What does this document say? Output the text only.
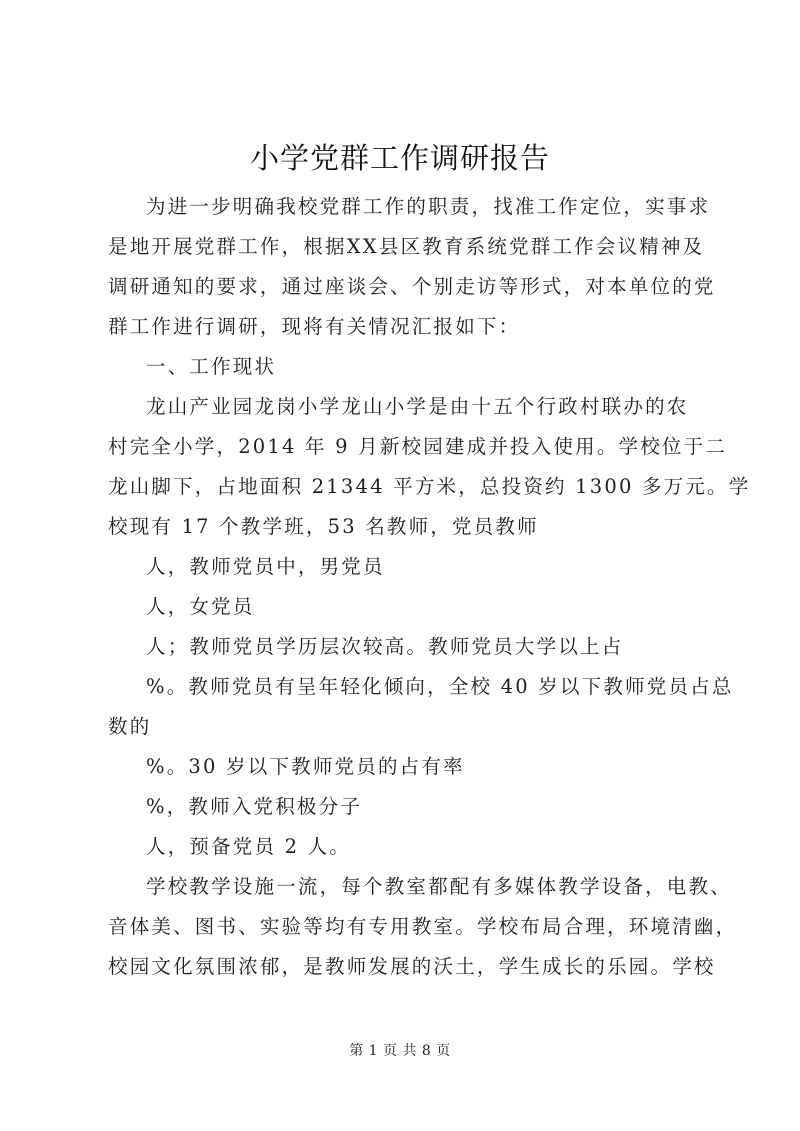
小学党群工作调研报告
为进一步明确我校党群工作的职责，找准工作定位，实事求
是地开展党群工作，根据XX县区教育系统党群工作会议精神及
调研通知的要求，通过座谈会、个别走访等形式，对本单位的党
群工作进行调研，现将有关情况汇报如下：
一、工作现状
龙山产业园龙岗小学龙山小学是由十五个行政村联办的农
村完全小学，2014 年 9 月新校园建成并投入使用。学校位于二
龙山脚下，占地面积 21344 平方米，总投资约 1300 多万元。学
校现有 17 个教学班，53 名教师，党员教师
人，教师党员中，男党员
人，女党员
人；教师党员学历层次较高。教师党员大学以上占
%。教师党员有呈年轻化倾向，全校 40 岁以下教师党员占总
数的
%。30 岁以下教师党员的占有率
%，教师入党积极分子
人，预备党员 2 人。
学校教学设施一流，每个教室都配有多媒体教学设备，电教、
音体美、图书、实验等均有专用教室。学校布局合理，环境清幽，
校园文化氛围浓郁，是教师发展的沃土，学生成长的乐园。学校
第 1 页 共 8 页
